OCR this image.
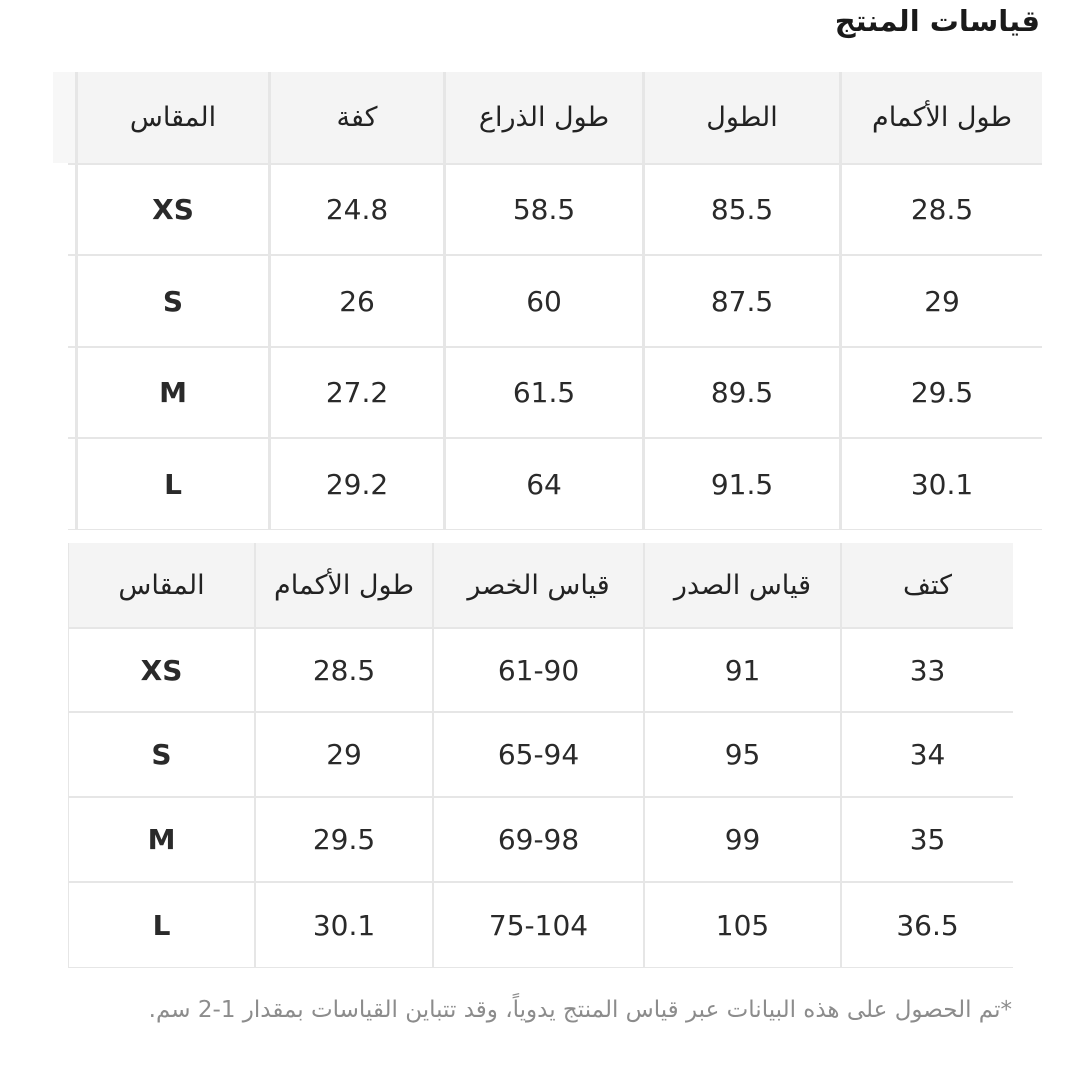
قياسات المنتج
طول الأكمام
الطول
طول الذراع
كفة
المقاس
28.5
85.5
58.5
24.8
XS
29
87.5
60
26
S
29.5
89.5
61.5
27.2
M
30.1
91.5
64
29.2
L
كتف
قياس الصدر
قياس الخصر
طول الأكمام
المقاس
33
91
61-90
28.5
XS
34
95
65-94
29
S
35
99
69-98
29.5
M
36.5
105
75-104
30.1
L
*تم الحصول على هذه البيانات عبر قياس المنتج يدوياً، وقد تتباين القياسات بمقدار 1-2 سم.
